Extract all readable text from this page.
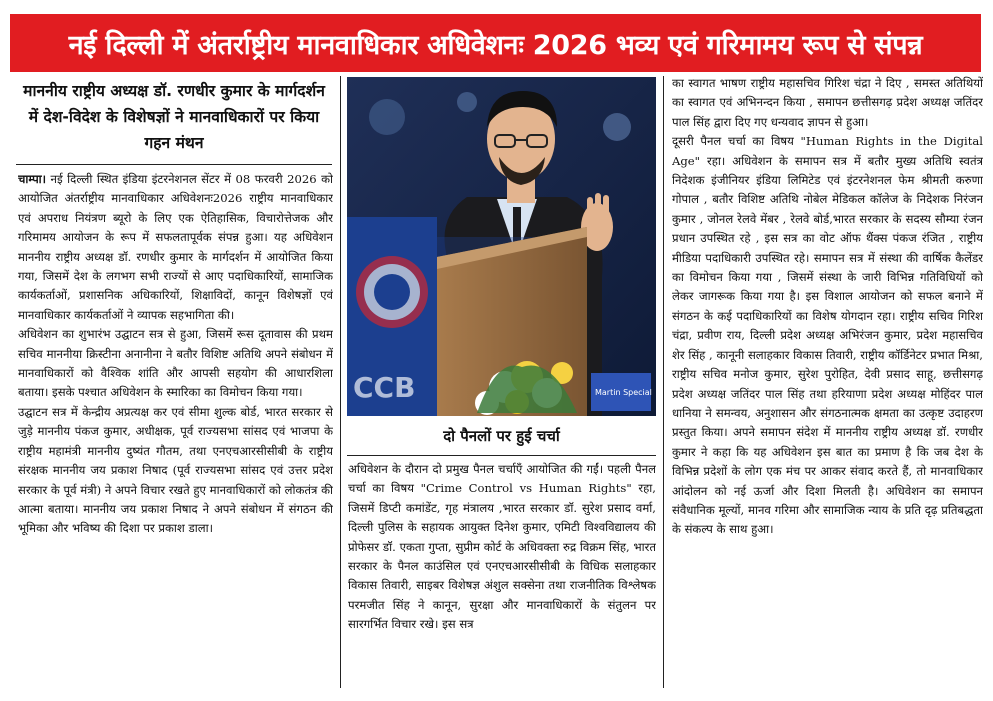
नई दिल्ली में अंतर्राष्ट्रीय मानवाधिकार अधिवेशनः 2026 भव्य एवं गरिमामय रूप से संपन्न
माननीय राष्ट्रीय अध्यक्ष डॉ. रणधीर कुमार के मार्गदर्शन में देश-विदेश के विशेषज्ञों ने मानवाधिकारों पर किया गहन मंथन

चाम्पा। नई दिल्ली स्थित इंडिया इंटरनेशनल सेंटर में 08 फरवरी 2026 को आयोजित अंतर्राष्ट्रीय मानवाधिकार अधिवेशनः2026 राष्ट्रीय मानवाधिकार एवं अपराध नियंत्रण ब्यूरो के लिए एक ऐतिहासिक, विचारोत्तेजक और गरिमामय आयोजन के रूप में सफलतापूर्वक संपन्न हुआ। यह अधिवेशन माननीय राष्ट्रीय अध्यक्ष डॉ. रणधीर कुमार के मार्गदर्शन में आयोजित किया गया, जिसमें देश के लगभग सभी राज्यों से आए पदाधिकारियों, सामाजिक कार्यकर्ताओं, प्रशासनिक अधिकारियों, शिक्षाविदों, कानून विशेषज्ञों एवं मानवाधिकार कार्यकर्ताओं ने व्यापक सहभागिता की।

अधिवेशन का शुभारंभ उद्घाटन सत्र से हुआ, जिसमें रूस दूतावास की प्रथम सचिव माननीया क्रिस्टीना अनानीना ने बतौर विशिष्ट अतिथि अपने संबोधन में मानवाधिकारों को वैश्विक शांति और आपसी सहयोग की आधारशिला बताया। इसके पश्चात अधिवेशन के स्मारिका का विमोचन किया गया।

उद्घाटन सत्र में केन्द्रीय अप्रत्यक्ष कर एवं सीमा शुल्क बोर्ड, भारत सरकार से जुड़े माननीय पंकज कुमार, अधीक्षक, पूर्व राज्यसभा सांसद एवं भाजपा के राष्ट्रीय महामंत्री माननीय दुष्यंत गौतम, तथा एनएचआरसीसीबी के राष्ट्रीय संरक्षक माननीय जय प्रकाश निषाद (पूर्व राज्यसभा सांसद एवं उत्तर प्रदेश सरकार के पूर्व मंत्री) ने अपने विचार रखते हुए मानवाधिकारों को लोकतंत्र की आत्मा बताया। माननीय जय प्रकाश निषाद ने अपने संबोधन में संगठन की भूमिका और भविष्य की दिशा पर प्रकाश डाला।

CCB	Martin Special
दो पैनलों पर हुई चर्चा

अधिवेशन के दौरान दो प्रमुख पैनल चर्चाएँ आयोजित की गईं। पहली पैनल चर्चा का विषय "Crime Control vs Human Rights" रहा, जिसमें डिप्टी कमांडेंट, गृह मंत्रालय ,भारत सरकार डॉ. सुरेश प्रसाद वर्मा, दिल्ली पुलिस के सहायक आयुक्त दिनेश कुमार, एमिटी विश्वविद्यालय की प्रोफेसर डॉ. एकता गुप्ता, सुप्रीम कोर्ट के अधिवक्ता रुद्र विक्रम सिंह, भारत सरकार के पैनल काउंसिल एवं एनएचआरसीसीबी के विधिक सलाहकार विकास तिवारी, साइबर विशेषज्ञ अंशुल सक्सेना तथा राजनीतिक विश्लेषक परमजीत सिंह ने कानून, सुरक्षा और मानवाधिकारों के संतुलन पर सारगर्भित विचार रखे। इस सत्र

का स्वागत भाषण राष्ट्रीय महासचिव गिरिश चंद्रा ने दिए , समस्त अतिथियों का स्वागत एवं अभिनन्दन किया , समापन छत्तीसगढ़ प्रदेश अध्यक्ष जतिंदर पाल सिंह द्वारा दिए गए धन्यवाद ज्ञापन से हुआ।

दूसरी पैनल चर्चा का विषय "Human Rights in the Digital Age" रहा। अधिवेशन के समापन सत्र में बतौर मुख्य अतिथि स्वतंत्र निदेशक इंजीनियर इंडिया लिमिटेड एवं इंटरनेशनल फेम श्रीमती करुणा गोपाल , बतौर विशिष्ट अतिथि नोबेल मेडिकल कॉलेज के निदेशक निरंजन कुमार , जोनल रेलवे मेंबर , रेलवे बोर्ड,भारत सरकार के सदस्य सौम्या रंजन प्रधान उपस्थित रहे , इस सत्र का वोट ऑफ थैंक्स पंकज रंजित , राष्ट्रीय मीडिया पदाधिकारी उपस्थित रहे। समापन सत्र में संस्था की वार्षिक कैलेंडर का विमोचन किया गया , जिसमें संस्था के जारी विभिन्न गतिविधियों को लेकर जागरूक किया गया है। इस विशाल आयोजन को सफल बनाने में संगठन के कई पदाधिकारियों का विशेष योगदान रहा। राष्ट्रीय सचिव गिरिश चंद्रा, प्रवीण राय, दिल्ली प्रदेश अध्यक्ष अभिरंजन कुमार, प्रदेश महासचिव शेर सिंह , कानूनी सलाहकार विकास तिवारी, राष्ट्रीय कॉर्डिनेटर प्रभात मिश्रा, राष्ट्रीय सचिव मनोज कुमार, सुरेश पुरोहित, देवी प्रसाद साहू, छत्तीसगढ़ प्रदेश अध्यक्ष जतिंदर पाल सिंह तथा हरियाणा प्रदेश अध्यक्ष मोहिंदर पाल धानिया ने समन्वय, अनुशासन और संगठनात्मक क्षमता का उत्कृष्ट उदाहरण प्रस्तुत किया। अपने समापन संदेश में माननीय राष्ट्रीय अध्यक्ष डॉ. रणधीर कुमार ने कहा कि यह अधिवेशन इस बात का प्रमाण है कि जब देश के विभिन्न प्रदेशों के लोग एक मंच पर आकर संवाद करते हैं, तो मानवाधिकार आंदोलन को नई ऊर्जा और दिशा मिलती है। अधिवेशन का समापन संवैधानिक मूल्यों, मानव गरिमा और सामाजिक न्याय के प्रति दृढ़ प्रतिबद्धता के संकल्प के साथ हुआ।
